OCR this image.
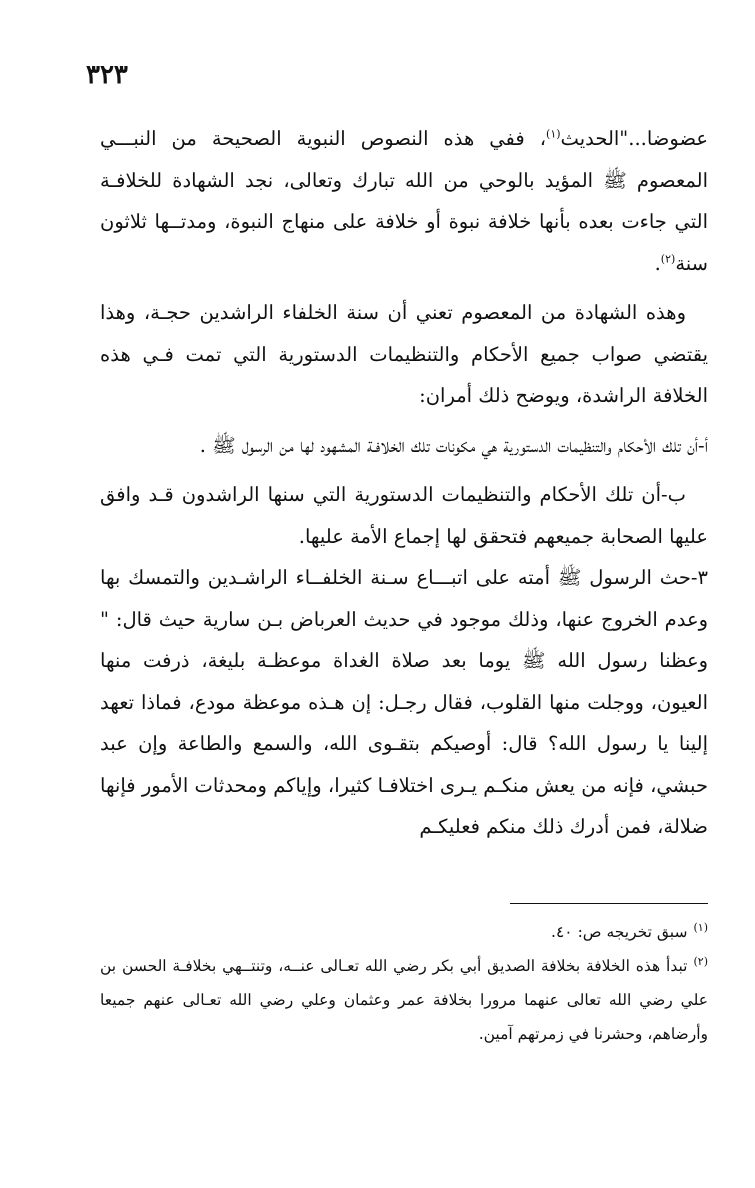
٣٢٣

عضوضا..."الحديث$^{(١)}$، ففي هذه النصوص النبوية الصحيحة من النبـــي المعصوم ﷺ المؤيد بالوحي من الله تبارك وتعالى، نجد الشهادة للخلافـة التي جاءت بعده بأنها خلافة نبوة أو خلافة على منهاج النبوة، ومدتــها ثلاثون سنة$^{(٢)}$.

وهذه الشهادة من المعصوم تعني أن سنة الخلفاء الراشدين حجـة، وهذا يقتضي صواب جميع الأحكام والتنظيمات الدستورية التي تمت فـي هذه الخلافة الراشدة، ويوضح ذلك أمران:

أ-أن تلك الأحكام والتنظيمات الدستورية هي مكونات تلك الخلافـة المشهود لها من الرسول ﷺ .

ب-أن تلك الأحكام والتنظيمات الدستورية التي سنها الراشدون قـد وافق عليها الصحابة جميعهم فتحقق لها إجماع الأمة عليها.

٣-حث الرسول ﷺ أمته على اتبـــاع سـنة الخلفــاء الراشـدين والتمسك بها وعدم الخروج عنها، وذلك موجود في حديث العرباض بـن سارية حيث قال: " وعظنا رسول الله ﷺ يوما بعد صلاة الغداة موعظـة بليغة، ذرفت منها العيون، ووجلت منها القلوب، فقال رجـل: إن هـذه موعظة مودع، فماذا تعهد إلينا يا رسول الله؟ قال: أوصيكم بتقـوى الله، والسمع والطاعة وإن عبد حبشي، فإنه من يعش منكـم يـرى اختلافـا كثيرا، وإياكم ومحدثات الأمور فإنها ضلالة، فمن أدرك ذلك منكم فعليكـم

$^{(١)}$سبق تخريجه ص: ٤٠.

$^{(٢)}$تبدأ هذه الخلافة بخلافة الصديق أبي بكر رضي الله تعـالى عنــه، وتنتــهي بخلافـة الحسن بن علي رضي الله تعالى عنهما مرورا بخلافة عمر وعثمان وعلي رضي الله تعـالى عنهم جميعا وأرضاهم، وحشرنا في زمرتهم آمين.
